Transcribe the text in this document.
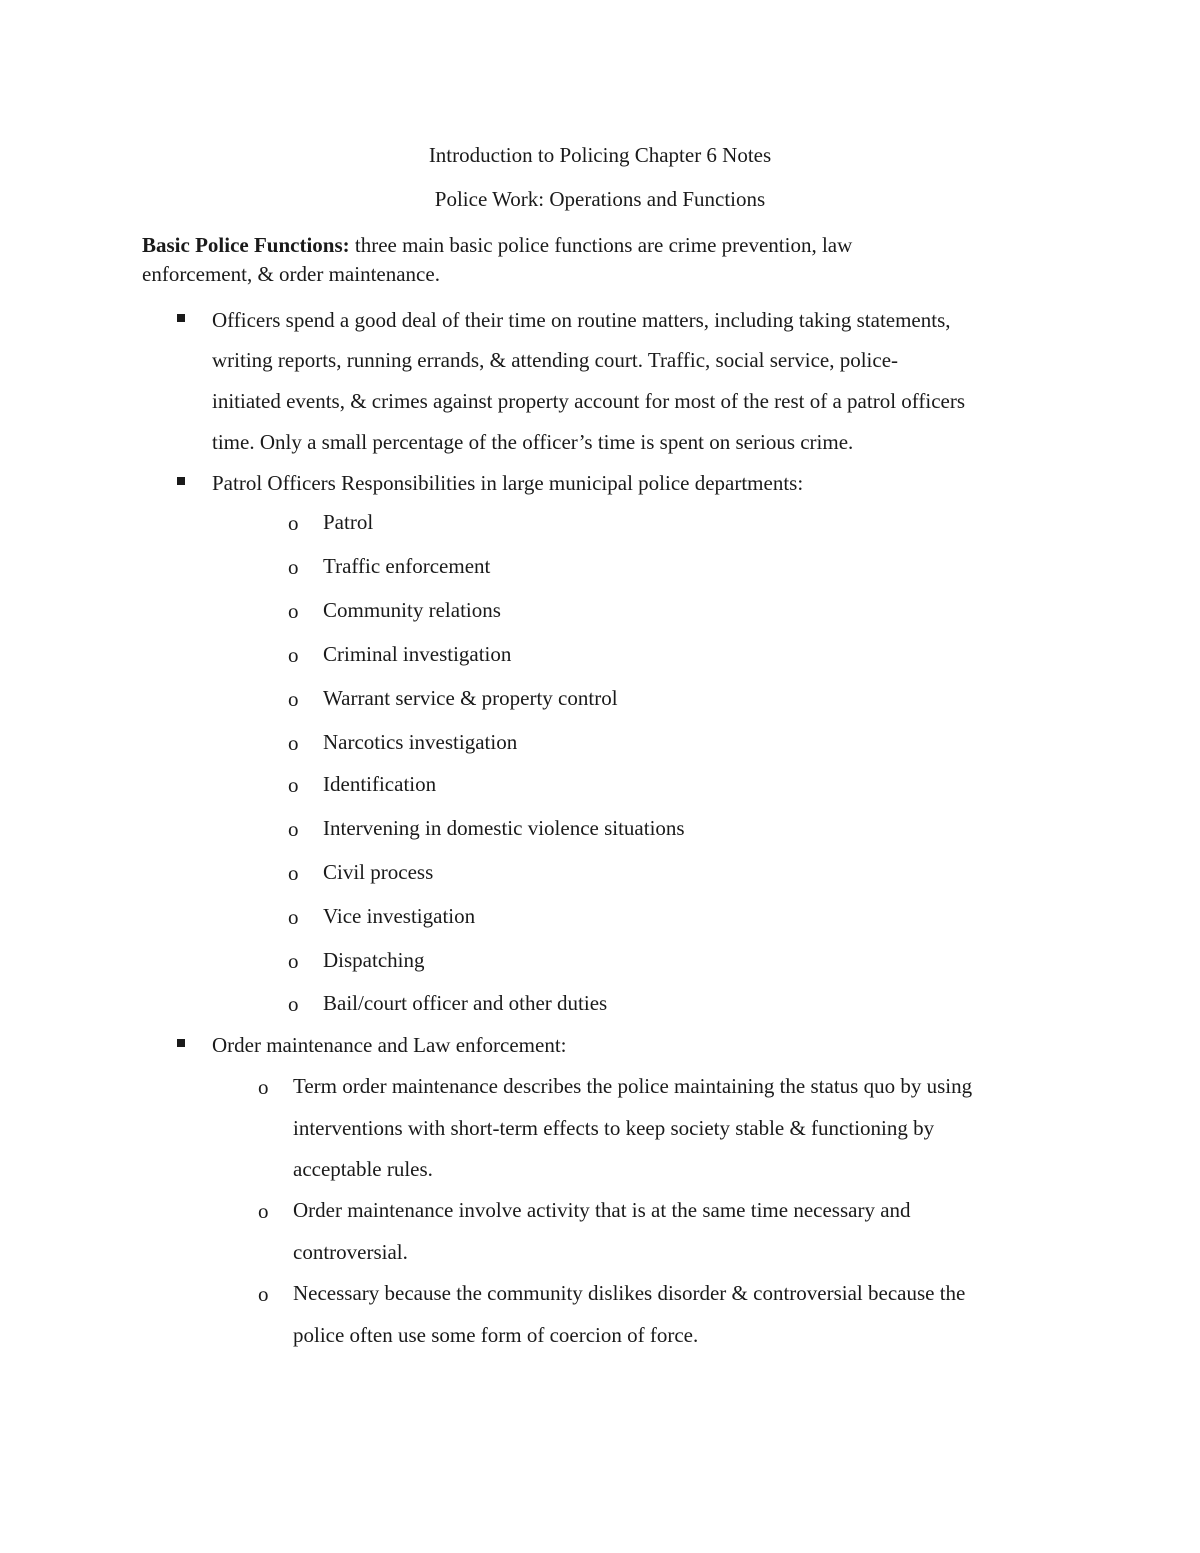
Introduction to Policing Chapter 6 Notes
Police Work: Operations and Functions
Basic Police Functions: three main basic police functions are crime prevention, law
enforcement, & order maintenance.
Officers spend a good deal of their time on routine matters, including taking statements,
writing reports, running errands, & attending court. Traffic, social service, police-
initiated events, & crimes against property account for most of the rest of a patrol officers
time. Only a small percentage of the officer’s time is spent on serious crime.
Patrol Officers Responsibilities in large municipal police departments:
o Patrol
o Traffic enforcement
o Community relations
o Criminal investigation
o Warrant service & property control
o Narcotics investigation
o Identification
o Intervening in domestic violence situations
o Civil process
o Vice investigation
o Dispatching
o Bail/court officer and other duties
Order maintenance and Law enforcement:
o Term order maintenance describes the police maintaining the status quo by using
interventions with short-term effects to keep society stable & functioning by
acceptable rules.
o Order maintenance involve activity that is at the same time necessary and
controversial.
o Necessary because the community dislikes disorder & controversial because the
police often use some form of coercion of force.
